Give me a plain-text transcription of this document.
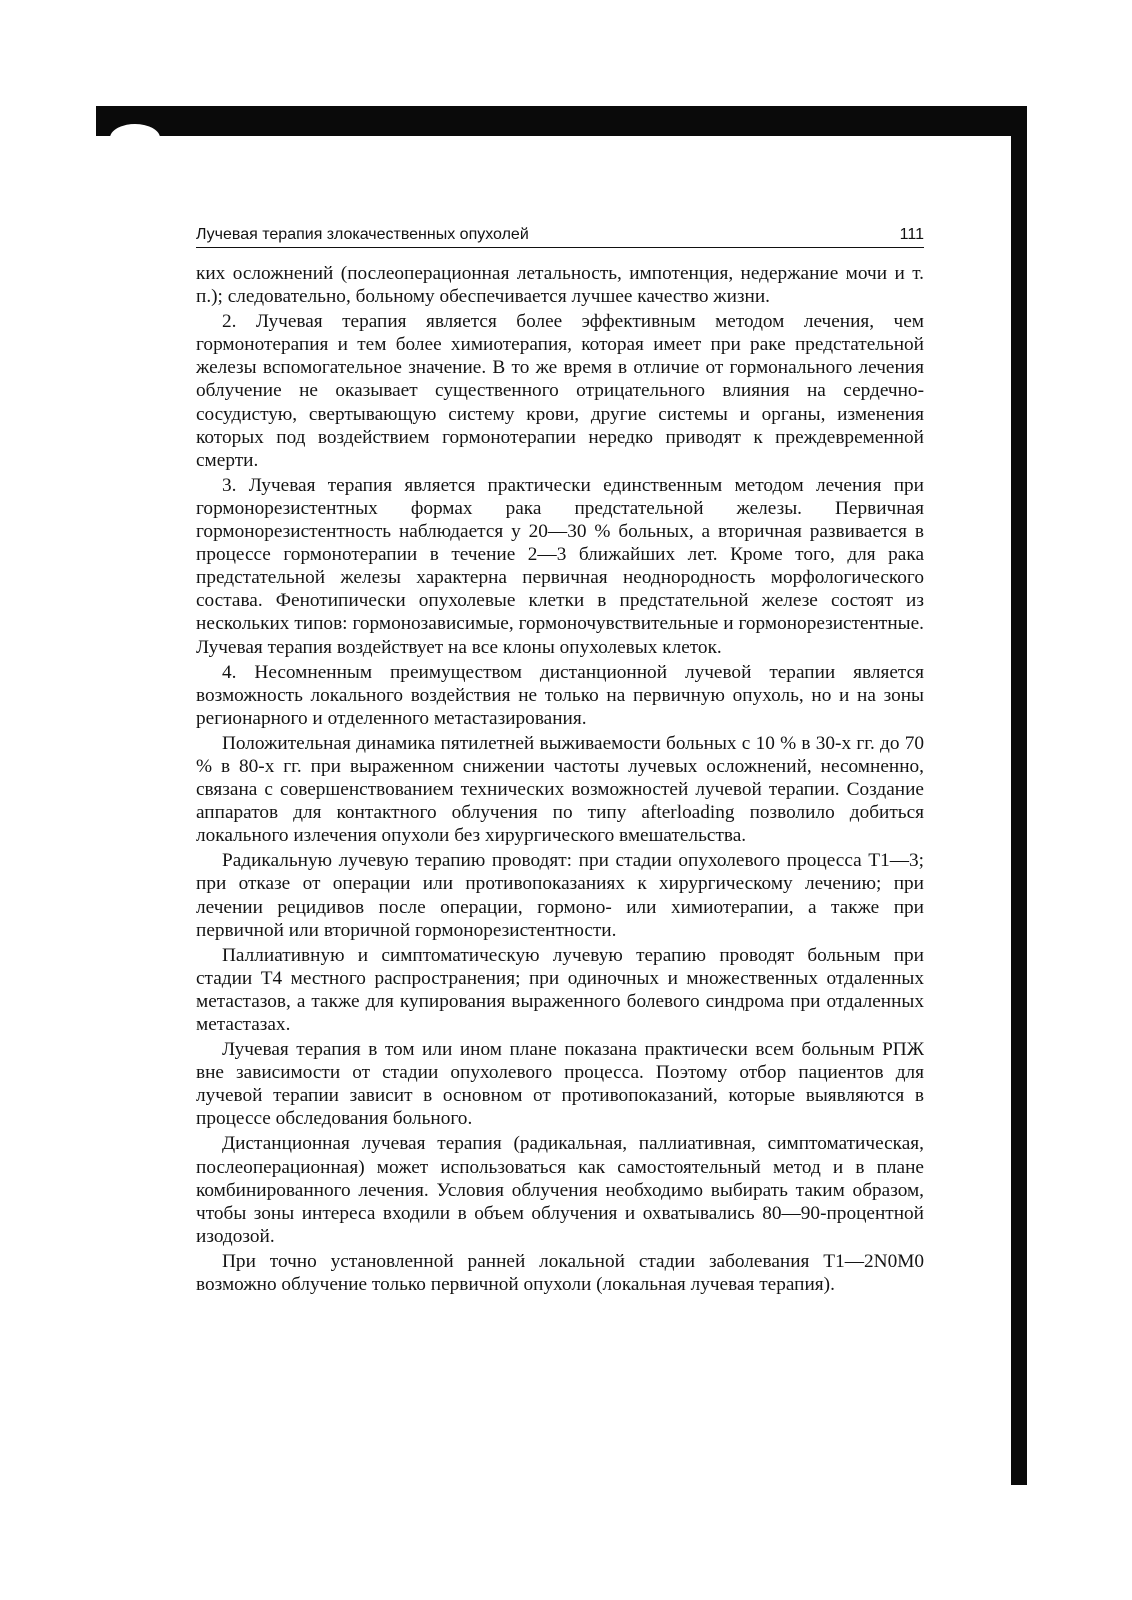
Лучевая терапия злокачественных опухолей	111

ких осложнений (послеоперационная летальность, импотенция, недержание мочи и т. п.); следовательно, больному обеспечивается лучшее качество жизни.

2. Лучевая терапия является более эффективным методом лечения, чем гормонотерапия и тем более химиотерапия, которая имеет при раке предстательной железы вспомогательное значение. В то же время в отличие от гормонального лечения облучение не оказывает существенного отрицательного влияния на сердечно-сосудистую, свертывающую систему крови, другие системы и органы, изменения которых под воздействием гормонотерапии нередко приводят к преждевременной смерти.

3. Лучевая терапия является практически единственным методом лечения при гормонорезистентных формах рака предстательной железы. Первичная гормонорезистентность наблюдается у 20—30 % больных, а вторичная развивается в процессе гормонотерапии в течение 2—3 ближайших лет. Кроме того, для рака предстательной железы характерна первичная неоднородность морфологического состава. Фенотипически опухолевые клетки в предстательной железе состоят из нескольких типов: гормонозависимые, гормоночувствительные и гормонорезистентные. Лучевая терапия воздействует на все клоны опухолевых клеток.

4. Несомненным преимуществом дистанционной лучевой терапии является возможность локального воздействия не только на первичную опухоль, но и на зоны регионарного и отделенного метастазирования.

Положительная динамика пятилетней выживаемости больных с 10 % в 30-х гг. до 70 % в 80-х гг. при выраженном снижении частоты лучевых осложнений, несомненно, связана с совершенствованием технических возможностей лучевой терапии. Создание аппаратов для контактного облучения по типу afterloading позволило добиться локального излечения опухоли без хирургического вмешательства.

Радикальную лучевую терапию проводят: при стадии опухолевого процесса Т1—3; при отказе от операции или противопоказаниях к хирургическому лечению; при лечении рецидивов после операции, гормоно- или химиотерапии, а также при первичной или вторичной гормонорезистентности.

Паллиативную и симптоматическую лучевую терапию проводят больным при стадии Т4 местного распространения; при одиночных и множественных отдаленных метастазов, а также для купирования выраженного болевого синдрома при отдаленных метастазах.

Лучевая терапия в том или ином плане показана практически всем больным РПЖ вне зависимости от стадии опухолевого процесса. Поэтому отбор пациентов для лучевой терапии зависит в основном от противопоказаний, которые выявляются в процессе обследования больного.

Дистанционная лучевая терапия (радикальная, паллиативная, симптоматическая, послеоперационная) может использоваться как самостоятельный метод и в плане комбинированного лечения. Условия облучения необходимо выбирать таким образом, чтобы зоны интереса входили в объем облучения и охватывались 80—90-процентной изодозой.

При точно установленной ранней локальной стадии заболевания Т1—2N0M0 возможно облучение только первичной опухоли (локальная лучевая терапия).
